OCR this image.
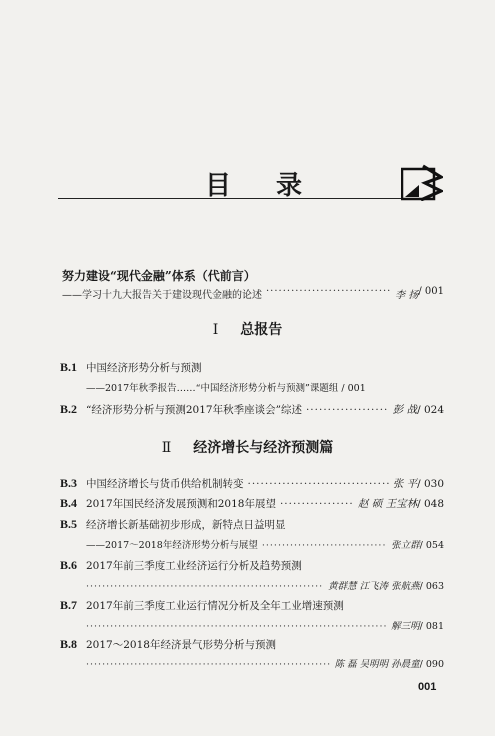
目 录
努力建设“现代金融”体系（代前言）
——学习十九大报告关于建设现代金融的论述 ·····	李 扬 / 001
Ⅰ 总报告
B.1 中国经济形势分析与预测
——2017年秋季报告……“中国经济形势分析与预测”课题组 / 001
B.2 “经济形势分析与预测2017年秋季座谈会”综述 ·····	彭 战 / 024
Ⅱ 经济增长与经济预测篇
B.3 中国经济增长与货币供给机制转变 ·····	张 平 / 030
B.4 2017年国民经济发展预测和2018年展望 ·····	赵 硕 王宝林 / 048
B.5 经济增长新基础初步形成，新特点日益明显
——2017～2018年经济形势分析与展望 ·····	张立群 / 054
B.6 2017年前三季度工业经济运行分析及趋势预测
·····
黄群慧 江飞涛 张航燕 / 063
B.7 2017年前三季度工业运行情况分析及全年工业增速预测
·····
解三明 / 081
B.8 2017～2018年经济景气形势分析与预测
·····
陈 磊 吴明明 孙晨童 / 090
001
